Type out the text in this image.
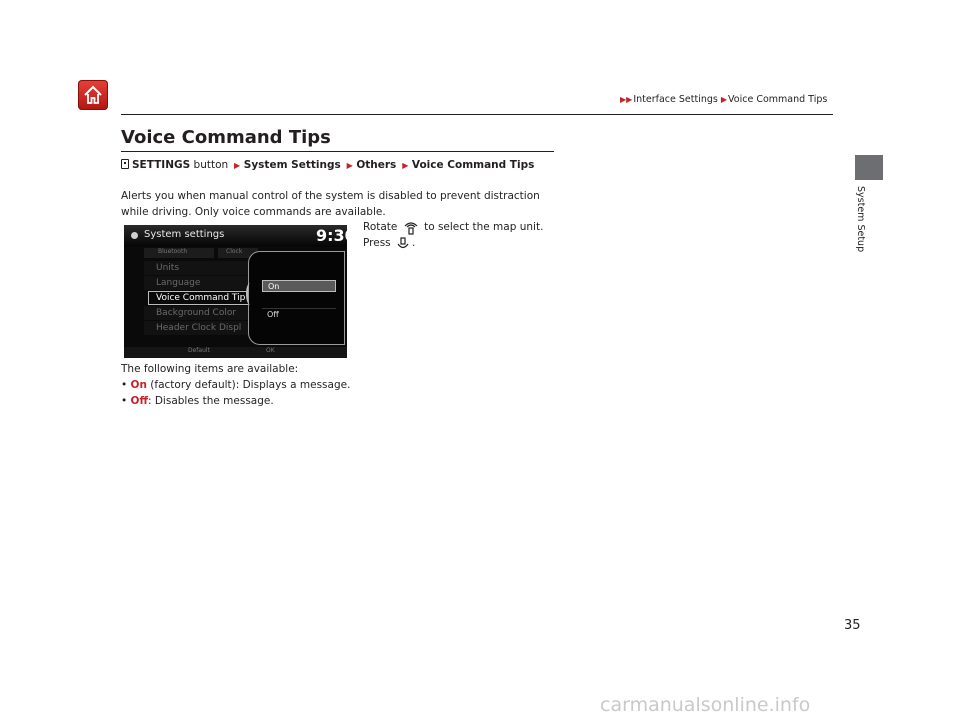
▶▶Interface Settings ▶Voice Command Tips
System Setup
Voice Command Tips
SETTINGS button  ▶ System Settings  ▶ Others  ▶ Voice Command Tips
Alerts you when manual control of the system is disabled to prevent distraction while driving. Only voice commands are available.
System settings	9:30
Bluetooth	Clock
Units
Language
Voice Command Tip
Background Color
Header Clock Displ
On
Off
Default	OK
Rotate	to select the map unit.
Press .
The following items are available:
• On (factory default): Displays a message.
• Off: Disables the message.
35
carmanualsonline.info
